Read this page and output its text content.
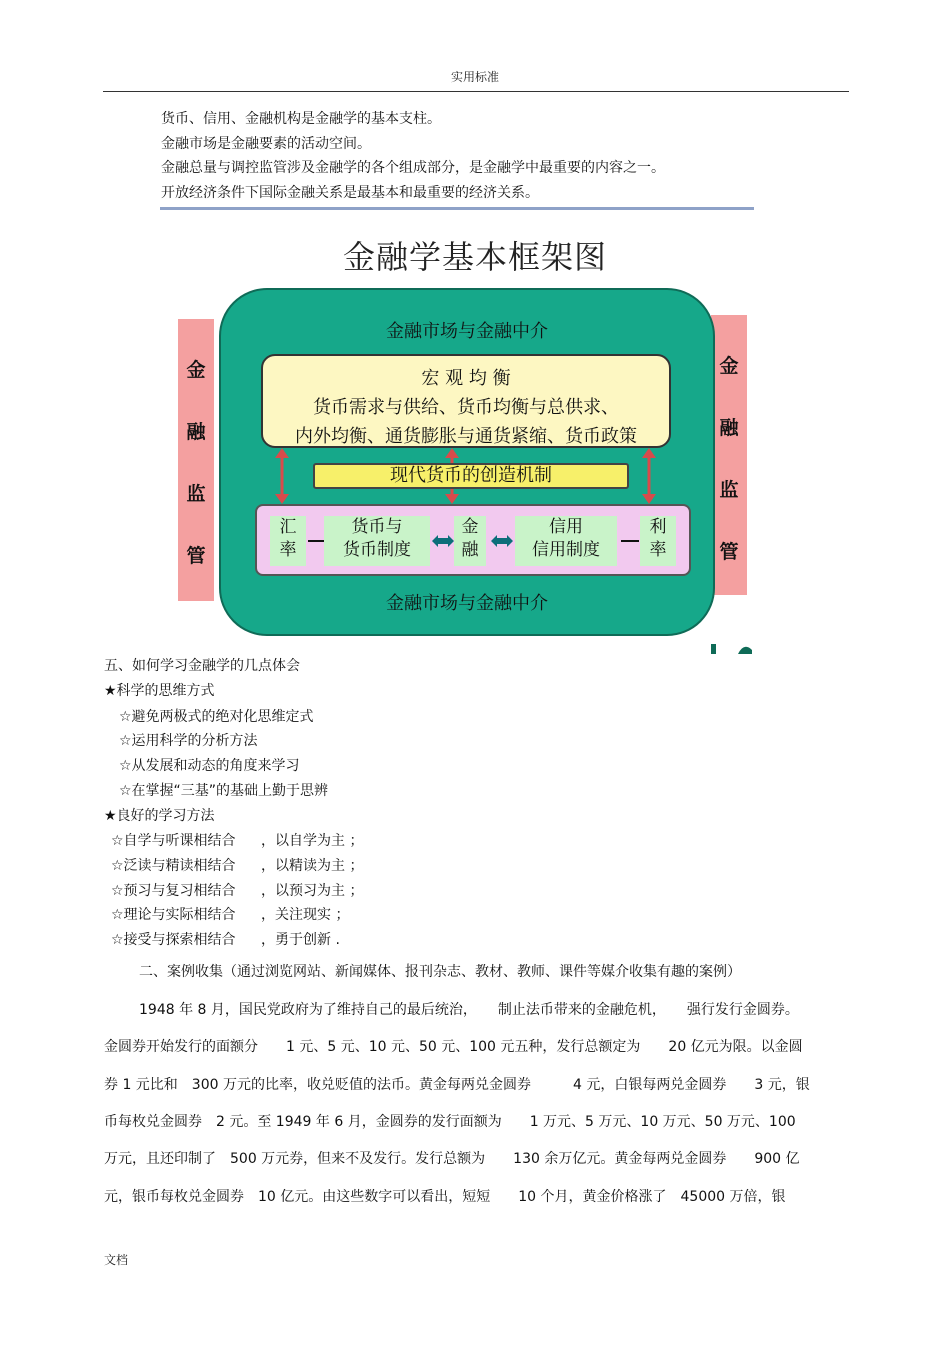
实用标准
货币、信用、金融机构是金融学的基本支柱。
金融市场是金融要素的活动空间。
金融总量与调控监管涉及金融学的各个组成部分，是金融学中最重要的内容之一。
开放经济条件下国际金融关系是最基本和最重要的经济关系。
金融学基本框架图
金
融
监
管
金
融
监
管
金融市场与金融中介
金融市场与金融中介
宏 观 均 衡
货币需求与供给、货币均衡与总供求、
内外均衡、通货膨胀与通货紧缩、货币政策
现代货币的创造机制
汇
率
货币与
货币制度
金
融
信用
信用制度
利
率
五、如何学习金融学的几点体会
★科学的思维方式
☆避免两极式的绝对化思维定式
☆运用科学的分析方法
☆从发展和动态的角度来学习
☆在掌握“三基”的基础上勤于思辨
★良好的学习方法
☆自学与听课相结合 ，以自学为主 ；
☆泛读与精读相结合 ，以精读为主 ；
☆预习与复习相结合 ，以预习为主 ；
☆理论与实际相结合 ，关注现实 ；
☆接受与探索相结合 ，勇于创新 .
二、案例收集（通过浏览网站、新闻媒体、报刊杂志、教材、教师、课件等媒介收集有趣的案例）
1948 年 8 月，国民党政府为了维持自己的最后统治，　　制止法币带来的金融危机，　　强行发行金圆券。
金圆券开始发行的面额分　　1 元、5 元、10 元、50 元、100 元五种，发行总额定为　　20 亿元为限。以金圆
券 1 元比和　300 万元的比率，收兑贬值的法币。黄金每两兑金圆券　　　4 元，白银每两兑金圆券　　3 元，银
币每枚兑金圆券　2 元。至 1949 年 6 月，金圆券的发行面额为　　1 万元、5 万元、10 万元、50 万元、100
万元，且还印制了　500 万元券，但来不及发行。发行总额为　　130 余万亿元。黄金每两兑金圆券　　900 亿
元，银币每枚兑金圆券　10 亿元。由这些数字可以看出，短短　　10 个月，黄金价格涨了　45000 万倍，银
文档
